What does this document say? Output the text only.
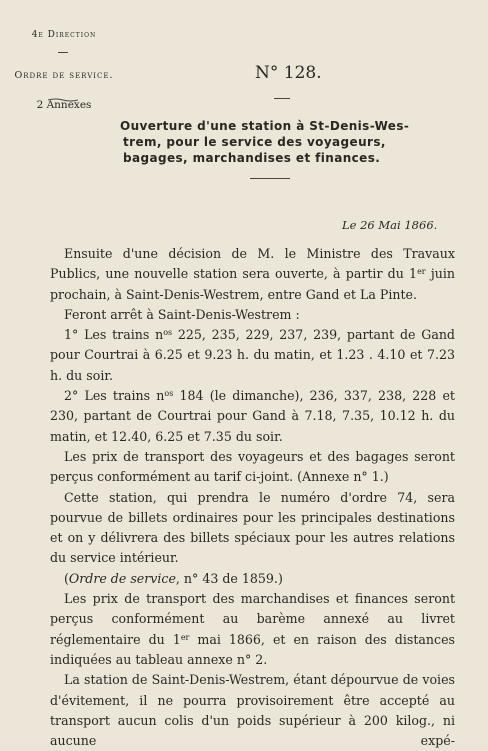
4e Direction
Ordre de service.
2 Annexes
N° 128.
Ouverture d'une station à St-Denis-Wes-
trem, pour le service des voyageurs,
bagages, marchandises et finances.
Le 26 Mai 1866.

Ensuite d'une décision de M. le Ministre des Travaux Publics, une nouvelle station sera ouverte, à partir du 1er juin prochain, à Saint-Denis-Westrem, entre Gand et La Pinte.

Feront arrêt à Saint-Denis-Westrem :

1° Les trains $n^{os}$ 225, 235, 229, 237, 239, partant de Gand pour Courtrai à 6.25 et 9.23 h. du matin, et 1.23 . 4.10 et 7.23 h. du soir.

2° Les trains $n^{os}$ 184 (le dimanche), 236, 337, 238, 228 et 230, partant de Courtrai pour Gand à 7.18, 7.35, 10.12 h. du matin, et 12.40, 6.25 et 7.35 du soir.

Les prix de transport des voyageurs et des bagages seront perçus conformément au tarif ci-joint. (Annexe n° 1.)

Cette station, qui prendra le numéro d'ordre 74, sera pourvue de billets ordinaires pour les principales destinations et on y délivrera des billets spéciaux pour les autres relations du service intérieur.

(Ordre de service, n° 43 de 1859.)

Les prix de transport des marchandises et finances seront perçus conformément au barème annexé au livret réglementaire du 1er mai 1866, et en raison des distances indiquées au tableau annexe n° 2.

La station de Saint-Denis-Westrem, étant dépourvue de voies d'évitement, il ne pourra provisoirement être accepté au transport aucun colis d'un poids supérieur à 200 kilog., ni aucune expé-
